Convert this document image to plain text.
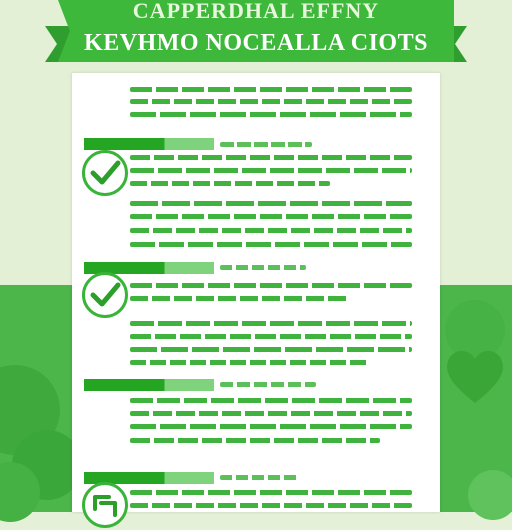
CAPPERDHAL EFFNY
KEVHMO NOCEALLA CIOTS
